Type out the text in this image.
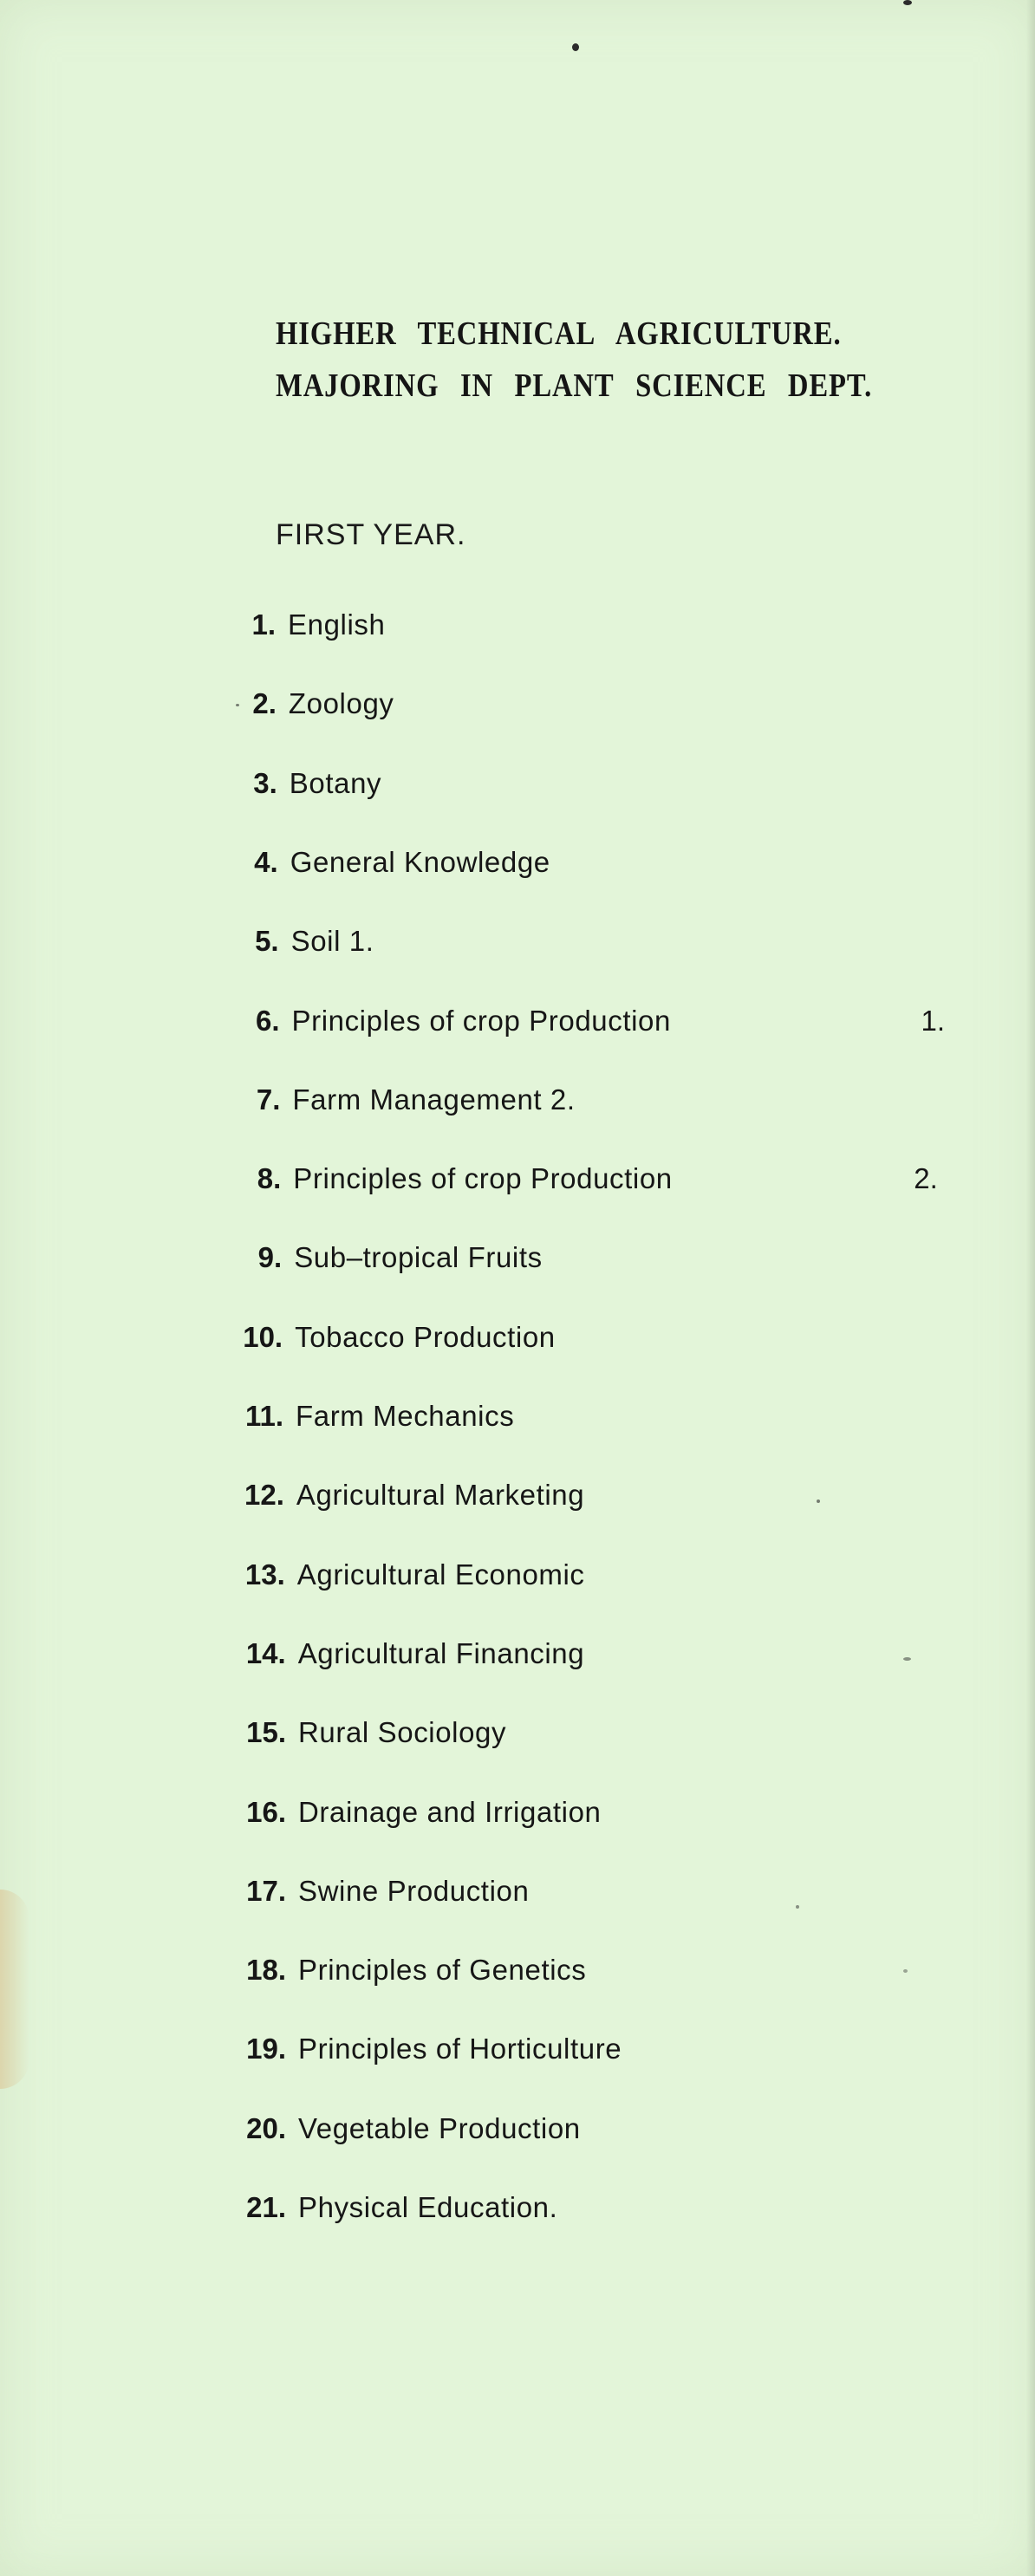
HIGHER TECHNICAL AGRICULTURE.
MAJORING IN PLANT SCIENCE DEPT.
FIRST YEAR.
1. English
2. Zoology
3. Botany
4. General Knowledge
5. Soil 1.
6. Principles of crop Production	1.
7. Farm Management 2.
8. Principles of crop Production	2.
9. Sub–tropical Fruits
10. Tobacco Production
11. Farm Mechanics
12. Agricultural Marketing
13. Agricultural Economic
14. Agricultural Financing
15. Rural Sociology
16. Drainage and Irrigation
17. Swine Production
18. Principles of Genetics
19. Principles of Horticulture
20. Vegetable Production
21. Physical Education.
